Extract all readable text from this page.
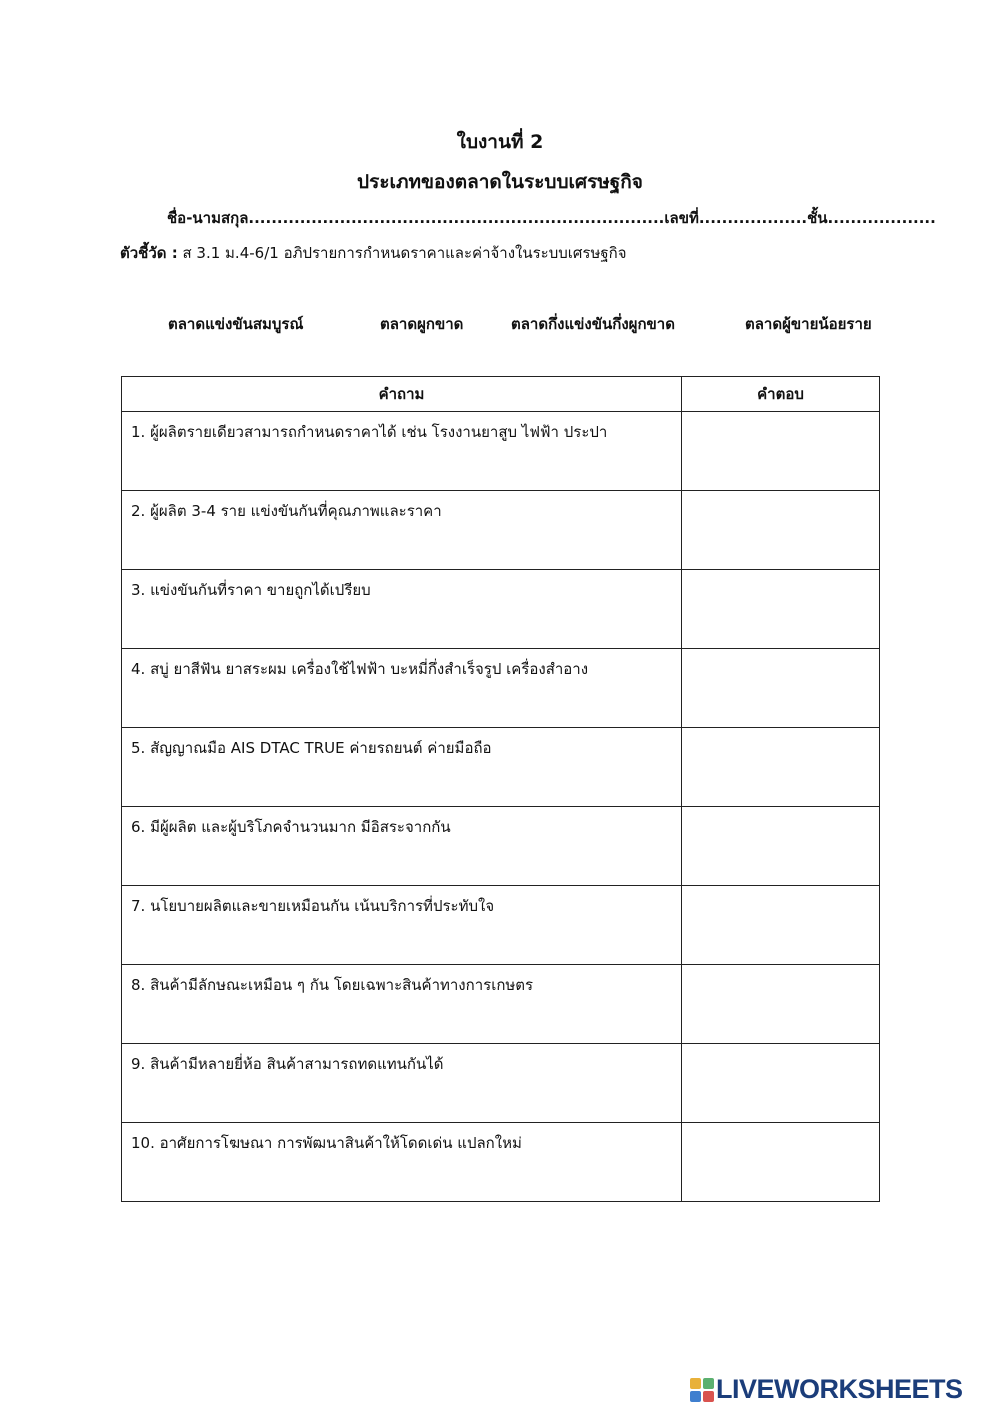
ใบงานที่ 2
ประเภทของตลาดในระบบเศรษฐกิจ
ชื่อ-นามสกุล.........................................................................เลขที่...................ชั้น...................
ตัวชี้วัด : ส 3.1 ม.4-6/1 อภิปรายการกำหนดราคาและค่าจ้างในระบบเศรษฐกิจ
ตลาดแข่งขันสมบูรณ์	ตลาดผูกขาด	ตลาดกึ่งแข่งขันกึ่งผูกขาด	ตลาดผู้ขายน้อยราย
คำถาม	คำตอบ
1. ผู้ผลิตรายเดียวสามารถกำหนดราคาได้ เช่น โรงงานยาสูบ ไฟฟ้า ประปา	
2. ผู้ผลิต 3-4 ราย แข่งขันกันที่คุณภาพและราคา	
3. แข่งขันกันที่ราคา ขายถูกได้เปรียบ	
4. สบู่ ยาสีฟัน ยาสระผม เครื่องใช้ไฟฟ้า บะหมี่กึ่งสำเร็จรูป เครื่องสำอาง	
5. สัญญาณมือ AIS DTAC TRUE ค่ายรถยนต์ ค่ายมือถือ	
6. มีผู้ผลิต และผู้บริโภคจำนวนมาก มีอิสระจากกัน	
7. นโยบายผลิตและขายเหมือนกัน เน้นบริการที่ประทับใจ	
8. สินค้ามีลักษณะเหมือน ๆ กัน โดยเฉพาะสินค้าทางการเกษตร	
9. สินค้ามีหลายยี่ห้อ สินค้าสามารถทดแทนกันได้	
10. อาศัยการโฆษณา การพัฒนาสินค้าให้โดดเด่น แปลกใหม่	
LIVEWORKSHEETS
